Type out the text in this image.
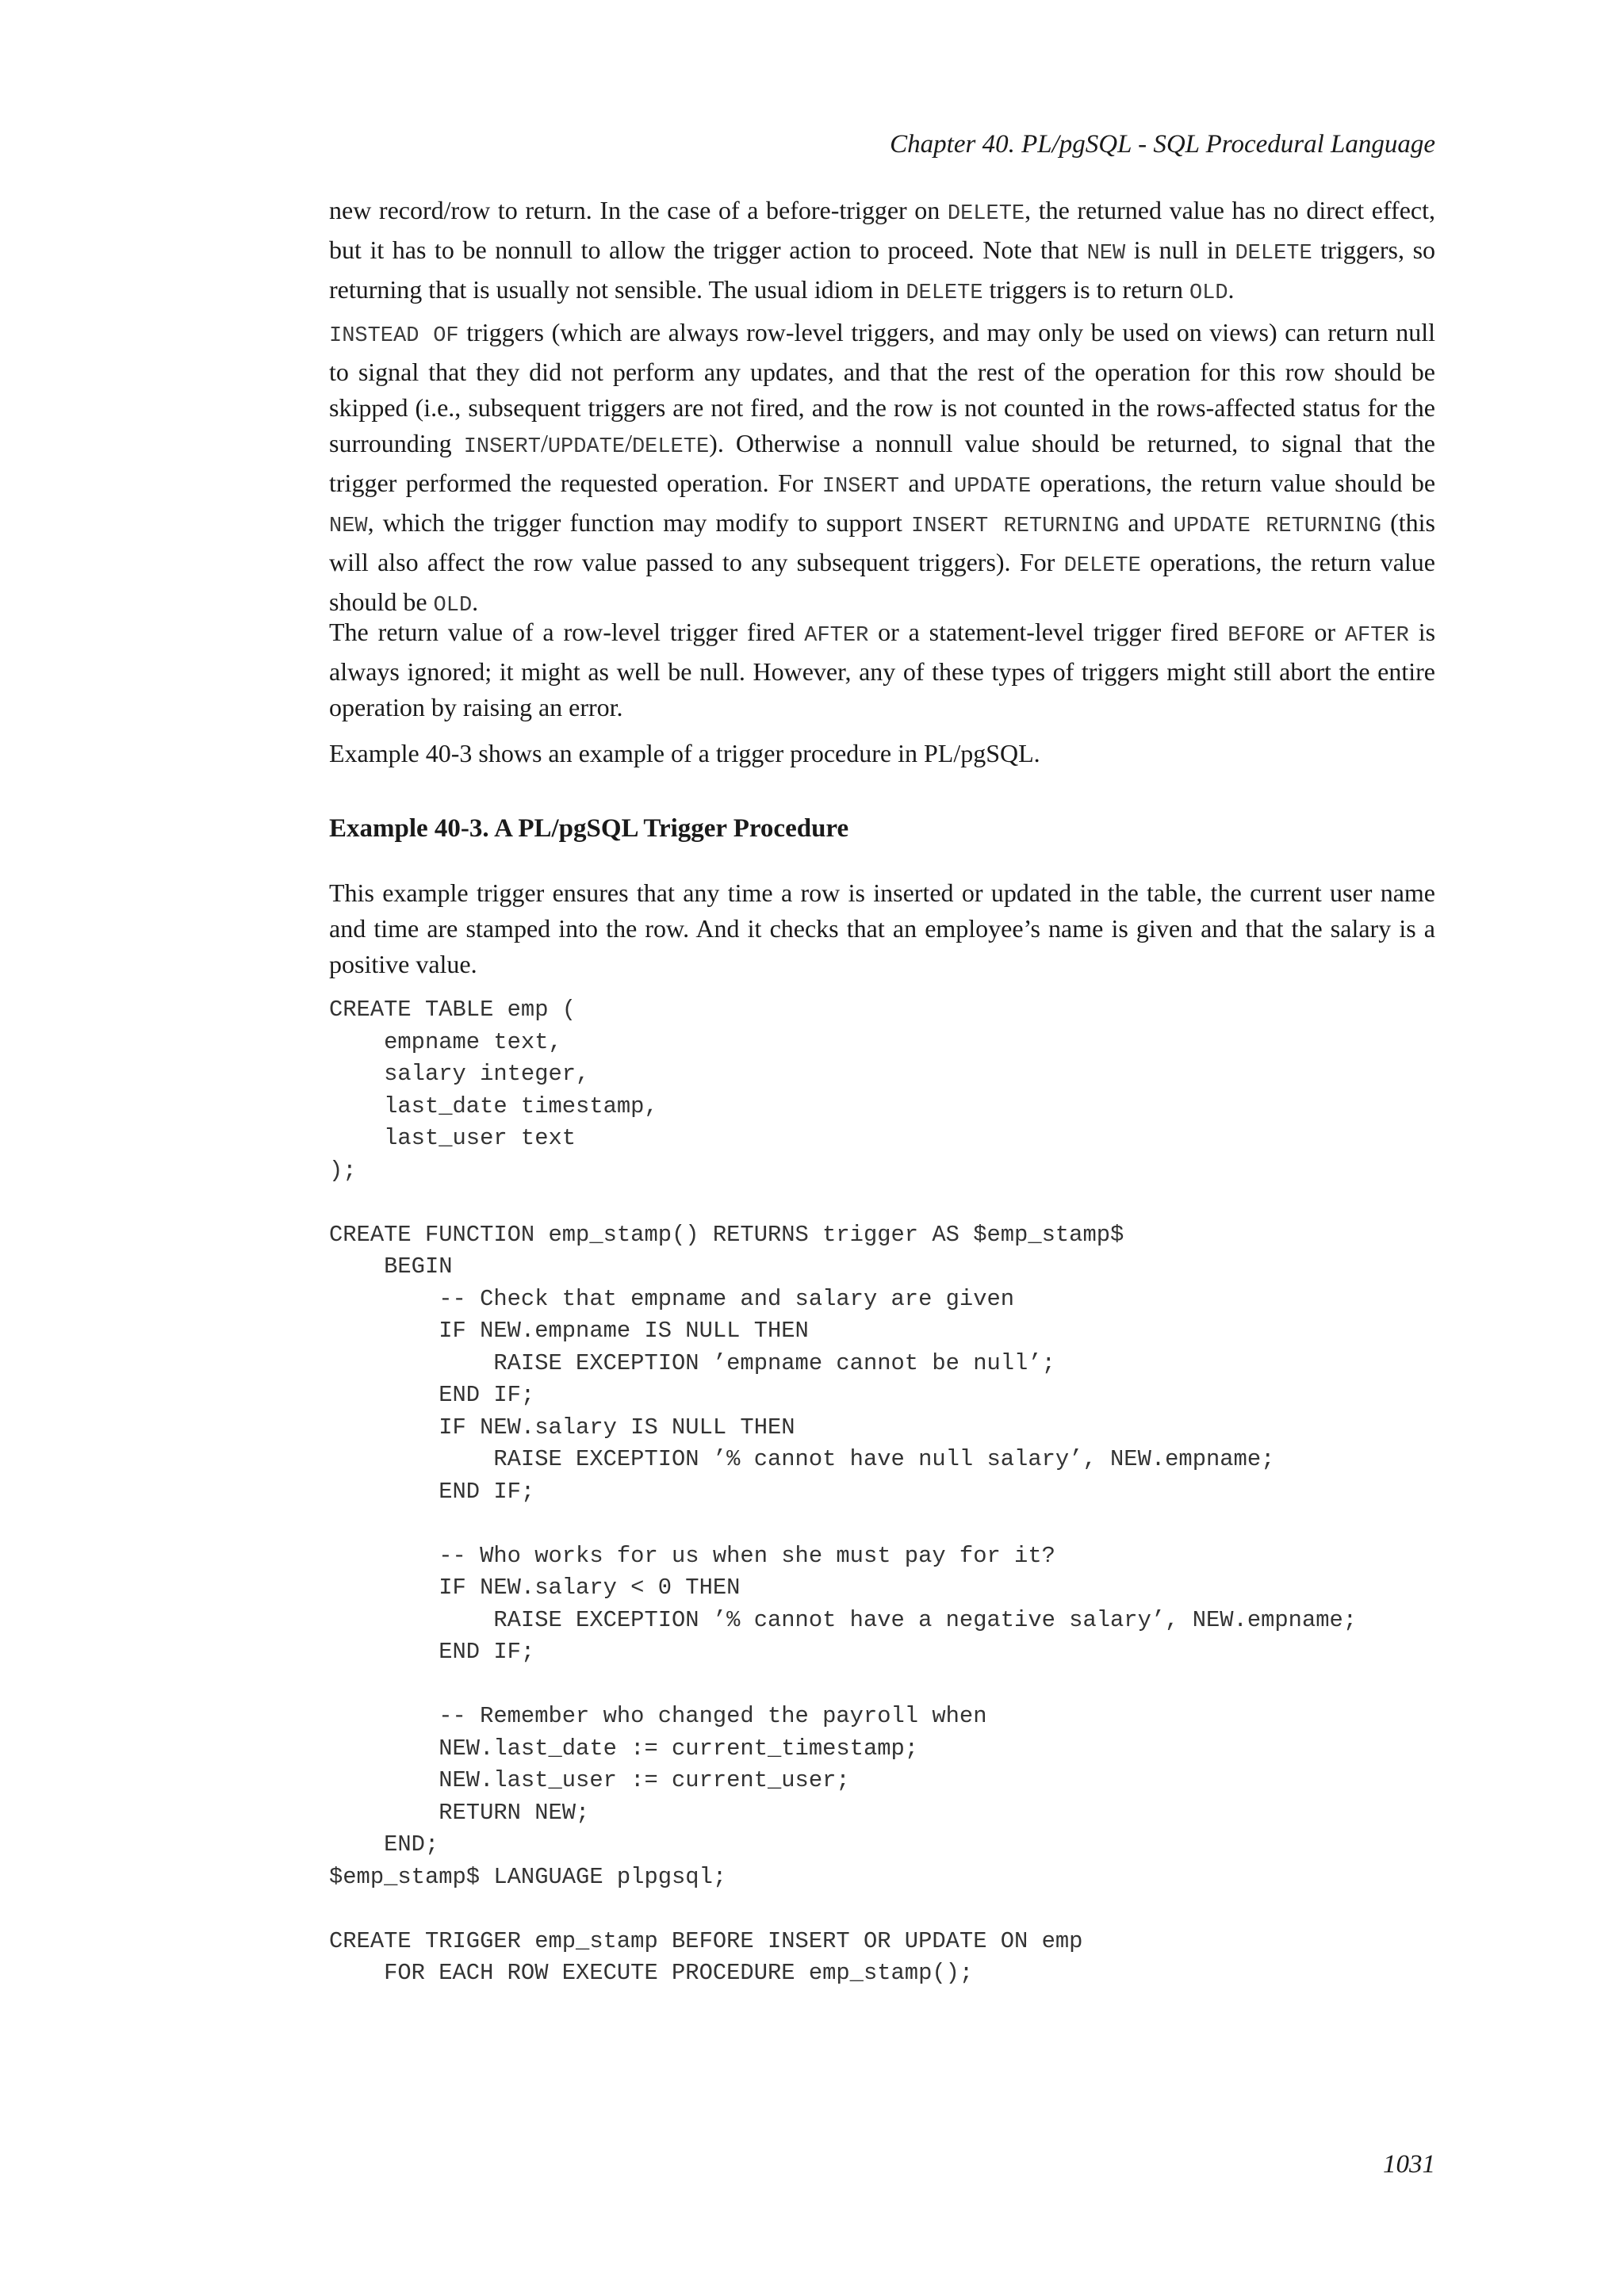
Chapter 40. PL/pgSQL - SQL Procedural Language

new record/row to return. In the case of a before-trigger on DELETE, the returned value has no direct effect, but it has to be nonnull to allow the trigger action to proceed. Note that NEW is null in DELETE triggers, so returning that is usually not sensible. The usual idiom in DELETE triggers is to return OLD.

INSTEAD OF triggers (which are always row-level triggers, and may only be used on views) can return null to signal that they did not perform any updates, and that the rest of the operation for this row should be skipped (i.e., subsequent triggers are not fired, and the row is not counted in the rows-affected status for the surrounding INSERT/UPDATE/DELETE). Otherwise a nonnull value should be returned, to signal that the trigger performed the requested operation. For INSERT and UPDATE operations, the return value should be NEW, which the trigger function may modify to support INSERT RETURNING and UPDATE RETURNING (this will also affect the row value passed to any subsequent triggers). For DELETE operations, the return value should be OLD.

The return value of a row-level trigger fired AFTER or a statement-level trigger fired BEFORE or AFTER is always ignored; it might as well be null. However, any of these types of triggers might still abort the entire operation by raising an error.

Example 40-3 shows an example of a trigger procedure in PL/pgSQL.

Example 40-3. A PL/pgSQL Trigger Procedure

This example trigger ensures that any time a row is inserted or updated in the table, the current user name and time are stamped into the row. And it checks that an employee’s name is given and that the salary is a positive value.

CREATE TABLE emp (
empname text,
salary integer,
last_date timestamp,
last_user text
);
CREATE FUNCTION emp_stamp() RETURNS trigger AS $emp_stamp$
BEGIN
-- Check that empname and salary are given
IF NEW.empname IS NULL THEN
RAISE EXCEPTION ’empname cannot be null’;
END IF;
IF NEW.salary IS NULL THEN
RAISE EXCEPTION ’% cannot have null salary’, NEW.empname;
END IF;
-- Who works for us when she must pay for it?
IF NEW.salary < 0 THEN
RAISE EXCEPTION ’% cannot have a negative salary’, NEW.empname;
END IF;
-- Remember who changed the payroll when
NEW.last_date := current_timestamp;
NEW.last_user := current_user;
RETURN NEW;
END;
$emp_stamp$ LANGUAGE plpgsql;
CREATE TRIGGER emp_stamp BEFORE INSERT OR UPDATE ON emp
FOR EACH ROW EXECUTE PROCEDURE emp_stamp();
1031
